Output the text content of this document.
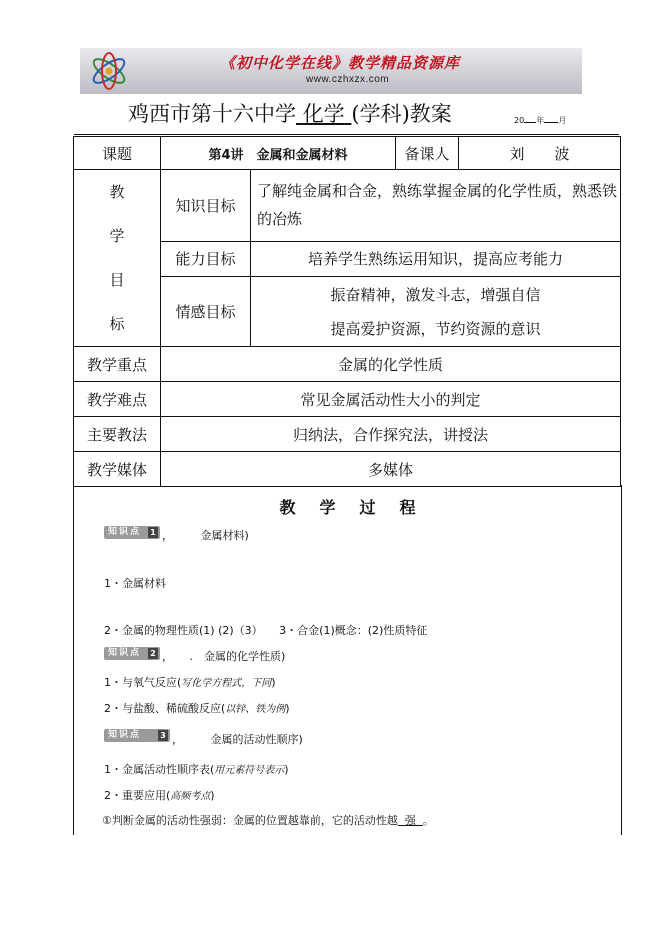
《初中化学在线》教学精品资源库
www.czhxzx.com
鸡西市第十六中学 化学 (学科)教案	20 年 月
课题	第4讲　金属和金属材料		备课人	刘　　波

教
学
目
标	知识目标	了解纯金属和合金，熟练掌握金属的化学性质，熟悉铁的冶炼		
	能力目标	培养学生熟练运用知识，提高应考能力		
	情感目标	振奋精神，激发斗志，增强自信
提高爱护资源，节约资源的意识		

教学重点	金属的化学性质			
教学难点	常见金属活动性大小的判定			
主要教法	归纳法，合作探究法，讲授法			
教学媒体	多媒体			
教学过程
知识点 1 ，　　　金属材料)
1・金属材料
2・金属的物理性质(1) (2)（3）　　3・合金(1)概念：(2)性质特征
知识点 2 ，　　.　金属的化学性质)
1・与氧气反应(写化学方程式，下同)
2・与盐酸、稀硫酸反应(以锌、铁为例)
知识点 3 ，　　　金属的活动性顺序)
1・金属活动性顺序表(用元素符号表示)
2・重要应用(高频考点)
①判断金属的活动性强弱：金属的位置越靠前，它的活动性越 强 。
